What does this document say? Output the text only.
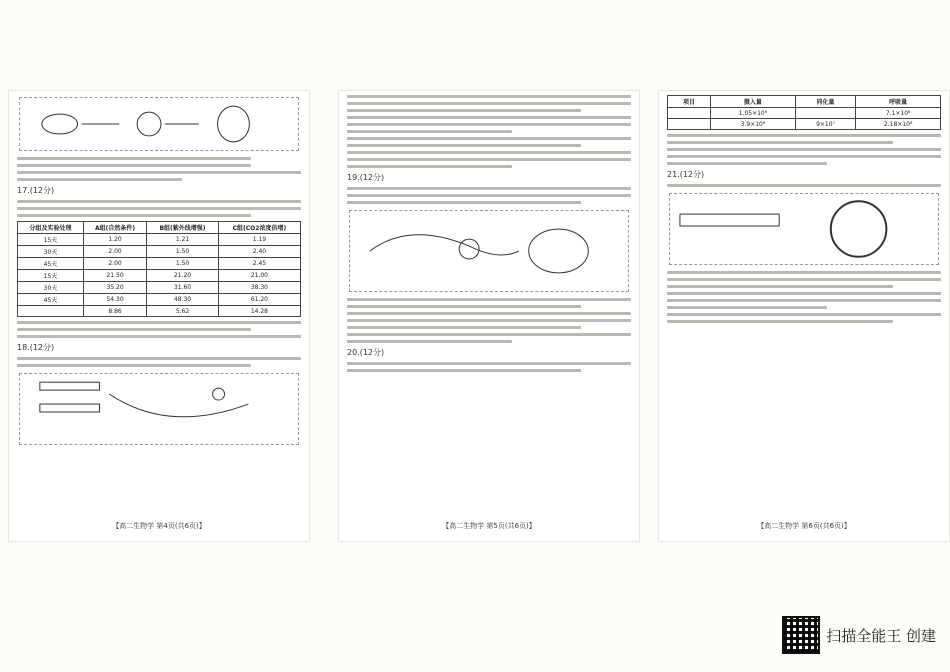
17.(12分)
分组及实验处理	A组(自然条件)	B组(紫外线增强)	C组(CO2浓度倍增)
15天	1.20	1.21	1.19
30天	2.00	1.50	2.40
45天	2.00	1.50	2.45
15天	21.50	21.20	21.00
30天	35.20	31.60	38.30
45天	54.30	48.30	61.20
	8.86	5.62	14.28
18.(12分)
【高二生物学 第4页(共6页)】
19.(12分)
20.(12分)
【高二生物学 第5页(共6页)】
项目	摄入量	同化量	呼吸量
	1.05×10⁹		7.1×10⁸
	3.9×10⁸	9×10⁷	2.18×10⁸
21.(12分)
【高二生物学 第6页(共6页)】
扫描全能王 创建
